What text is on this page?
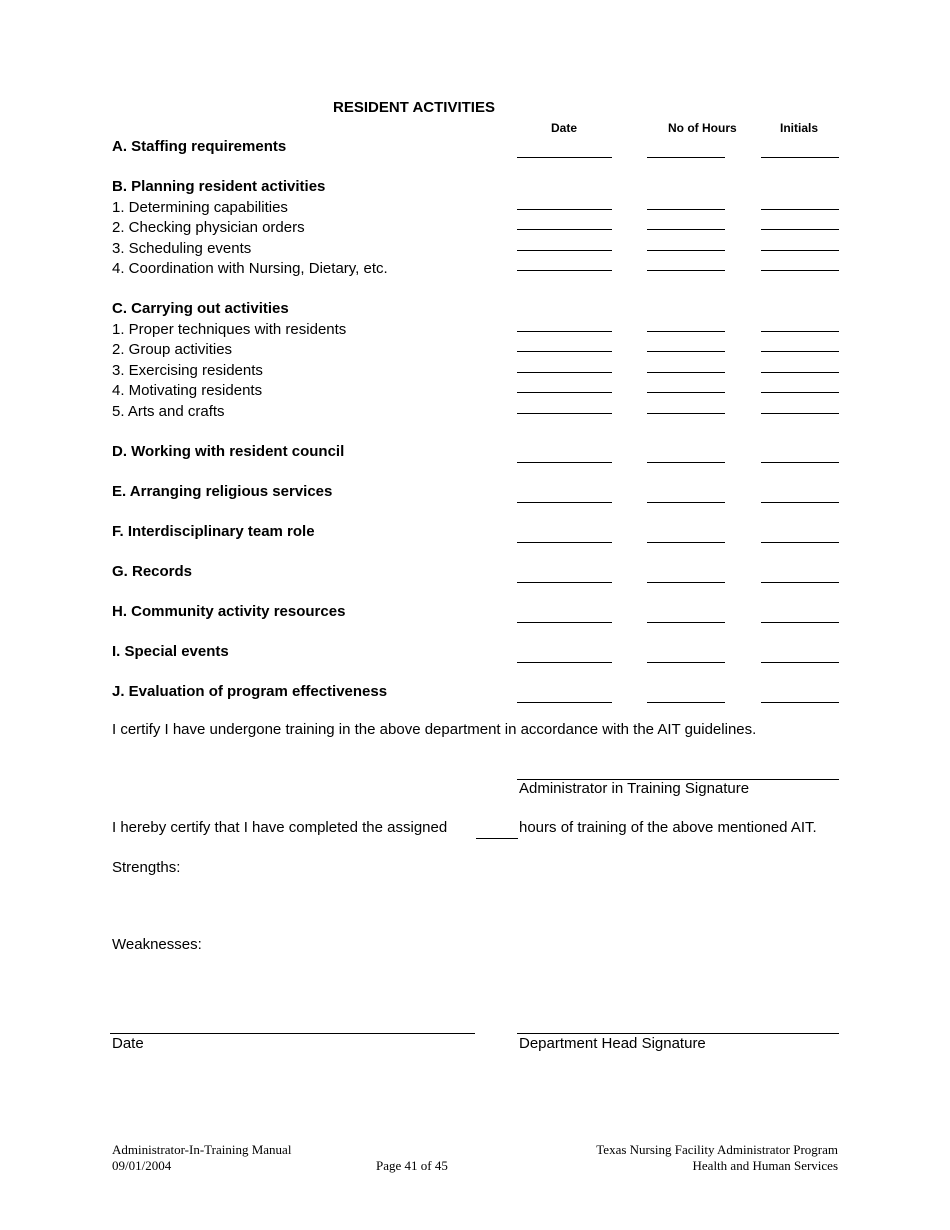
RESIDENT ACTIVITIES
Date	No of Hours	Initials
A. Staffing requirements
B. Planning resident activities
1. Determining capabilities
2. Checking physician orders
3. Scheduling events
4. Coordination with Nursing, Dietary, etc.
C. Carrying out activities
1. Proper techniques with residents
2. Group activities
3. Exercising residents
4. Motivating residents
5. Arts and crafts
D. Working with resident council
E. Arranging religious services
F. Interdisciplinary team role
G. Records
H. Community activity resources
I. Special events
J. Evaluation of program effectiveness
I certify I have undergone training in the above department in accordance with the AIT guidelines.
Administrator in Training Signature
I hereby certify that I have completed the assigned	hours of training of the above mentioned AIT.
Strengths:
Weaknesses:
Date	Department Head Signature
Administrator-In-Training Manual
09/01/2004	Page 41 of 45
Texas Nursing Facility Administrator Program
Health and Human Services
